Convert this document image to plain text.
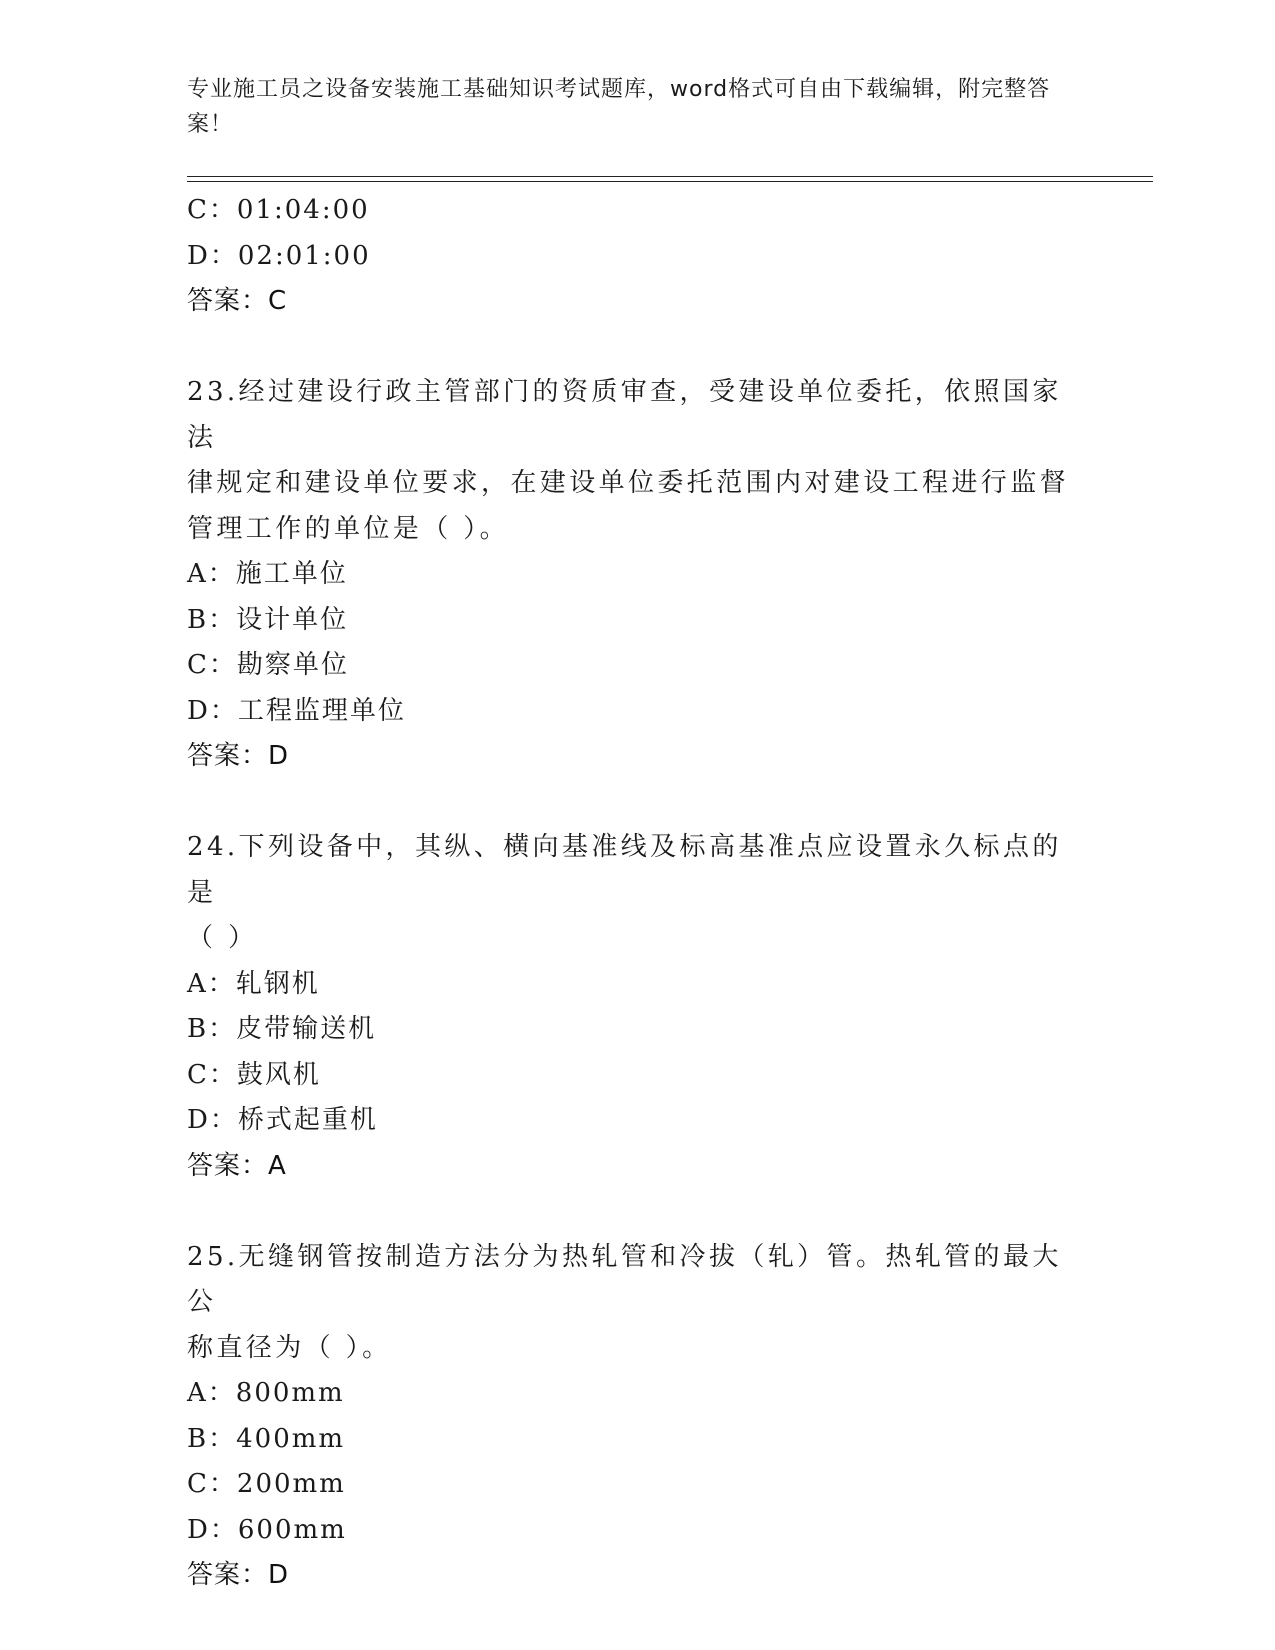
专业施工员之设备安装施工基础知识考试题库，word格式可自由下载编辑，附完整答案！
C：01:04:00
D：02:01:00
答案：C
23.经过建设行政主管部门的资质审查，受建设单位委托，依照国家法
律规定和建设单位要求，在建设单位委托范围内对建设工程进行监督
管理工作的单位是（ ）。
A：施工单位
B：设计单位
C：勘察单位
D：工程监理单位
答案：D
24.下列设备中，其纵、横向基准线及标高基准点应设置永久标点的是
（ ）
A：轧钢机
B：皮带输送机
C：鼓风机
D：桥式起重机
答案：A
25.无缝钢管按制造方法分为热轧管和冷拔（轧）管。热轧管的最大公
称直径为（ ）。
A：800mm
B：400mm
C：200mm
D：600mm
答案：D
